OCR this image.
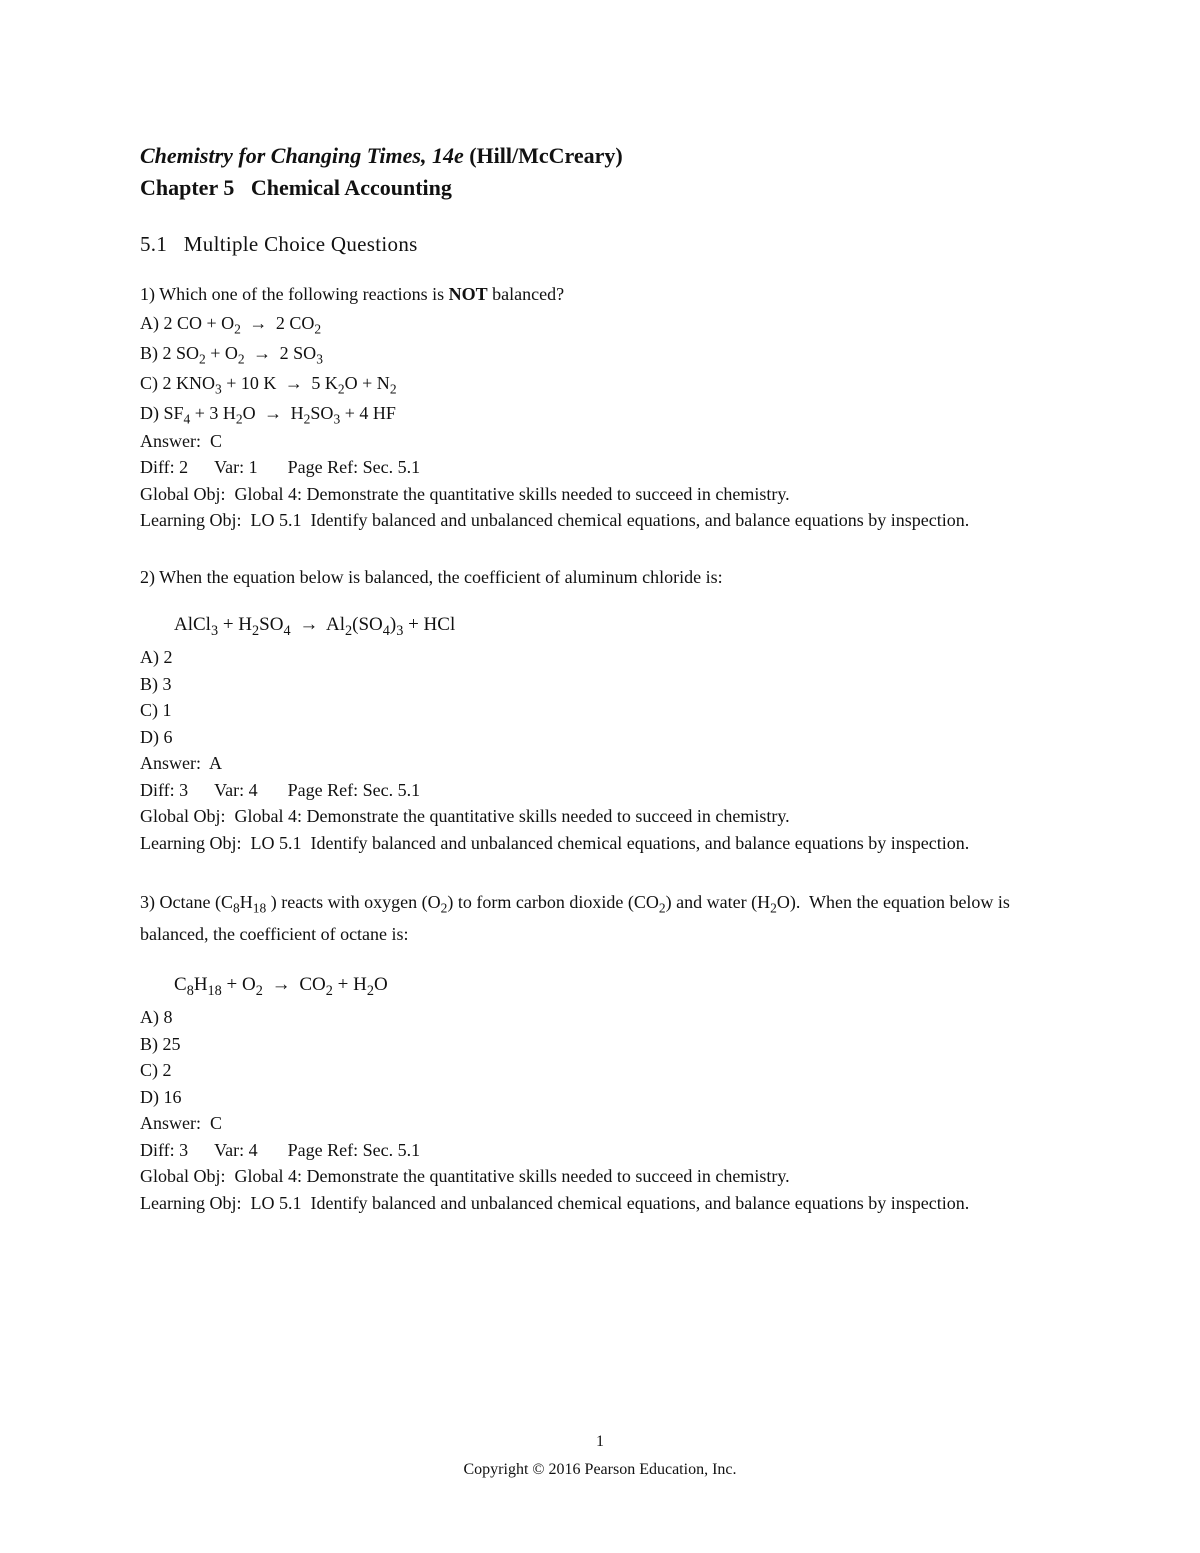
Chemistry for Changing Times, 14e (Hill/McCreary)
Chapter 5   Chemical Accounting
5.1   Multiple Choice Questions
1) Which one of the following reactions is NOT balanced?
A) 2 CO + $O_2 \to 2$ $CO_2$
B) 2 $SO_2 + O_2 \to 2$ $SO_3$
C) 2 $KNO_3 + 10$ K → 5 $K_2O + N_2$
D) $SF_4 + 3$ $H_2O \to H_2SO_3 + 4$ HF
Answer:  C
Diff: 2 Var: 1 Page Ref: Sec. 5.1
Global Obj:  Global 4: Demonstrate the quantitative skills needed to succeed in chemistry.
Learning Obj:  LO 5.1  Identify balanced and unbalanced chemical equations, and balance equations by inspection.
2) When the equation below is balanced, the coefficient of aluminum chloride is:
AlCl$_3$ + $H_2SO_4 \to Al_2(SO_4)_3$ + HCl
A) 2
B) 3
C) 1
D) 6
Answer:  A
Diff: 3 Var: 4 Page Ref: Sec. 5.1
Global Obj:  Global 4: Demonstrate the quantitative skills needed to succeed in chemistry.
Learning Obj:  LO 5.1  Identify balanced and unbalanced chemical equations, and balance equations by inspection.
3) Octane ($C_8H_{18}$ ) reacts with oxygen $(O_2)$ to form carbon dioxide $(CO_2)$ and water $(H_2O)$.  When the equation below is balanced, the coefficient of octane is:
$C_8H_{18} + O_2 \to CO_2 + H_2O$
A) 8
B) 25
C) 2
D) 16
Answer:  C
Diff: 3 Var: 4 Page Ref: Sec. 5.1
Global Obj:  Global 4: Demonstrate the quantitative skills needed to succeed in chemistry.
Learning Obj:  LO 5.1  Identify balanced and unbalanced chemical equations, and balance equations by inspection.
1
Copyright © 2016 Pearson Education, Inc.
